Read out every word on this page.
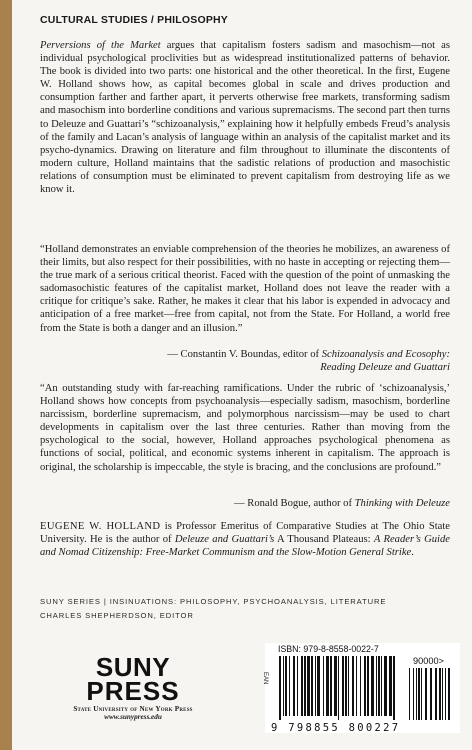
CULTURAL STUDIES / PHILOSOPHY
Perversions of the Market argues that capitalism fosters sadism and masochism—not as individual psychological proclivities but as widespread institutionalized patterns of behavior. The book is divided into two parts: one historical and the other theoretical. In the first, Eugene W. Holland shows how, as capital becomes global in scale and drives production and consumption farther and farther apart, it perverts otherwise free markets, transforming sadism and masochism into borderline conditions and various supremacisms. The second part then turns to Deleuze and Guattari’s “schizoanalysis,” explaining how it helpfully embeds Freud’s analysis of the family and Lacan’s analysis of language within an analysis of the capitalist market and its psycho-dynamics. Drawing on literature and film throughout to illuminate the discontents of modern culture, Holland maintains that the sadistic relations of production and masochistic relations of consumption must be eliminated to prevent capitalism from destroying life as we know it.
“Holland demonstrates an enviable comprehension of the theories he mobilizes, an awareness of their limits, but also respect for their possibilities, with no haste in accepting or rejecting them—the true mark of a serious critical theorist. Faced with the question of the point of unmasking the sadomasochistic features of the capitalist market, Holland does not leave the reader with a critique for critique’s sake. Rather, he makes it clear that his labor is expended in advocacy and anticipation of a free market—free from capital, not from the State. For Holland, a world free from the State is both a danger and an illusion.”
— Constantin V. Boundas, editor of Schizoanalysis and Ecosophy:
Reading Deleuze and Guattari
“An outstanding study with far-reaching ramifications. Under the rubric of ‘schizoanalysis,’ Holland shows how concepts from psychoanalysis—especially sadism, masochism, borderline narcissism, borderline supremacism, and polymorphous narcissism—may be used to chart developments in capitalism over the last three centuries. Rather than moving from the psychological to the social, however, Holland approaches psychological phenomena as functions of social, political, and economic systems inherent in capitalism. The approach is original, the scholarship is impeccable, the style is bracing, and the conclusions are profound.”
— Ronald Bogue, author of Thinking with Deleuze
EUGENE W. HOLLAND is Professor Emeritus of Comparative Studies at The Ohio State University. He is the author of Deleuze and Guattari’s A Thousand Plateaus: A Reader’s Guide and Nomad Citizenship: Free-Market Communism and the Slow-Motion General Strike.
SUNY SERIES | INSINUATIONS: PHILOSOPHY, PSYCHOANALYSIS, LITERATURE
CHARLES SHEPHERDSON, EDITOR
SUNY
PRESS
State University of New York Press
www.sunypress.edu
ISBN: 979-8-8558-0022-7
90000>
EAN
9 798855 800227
